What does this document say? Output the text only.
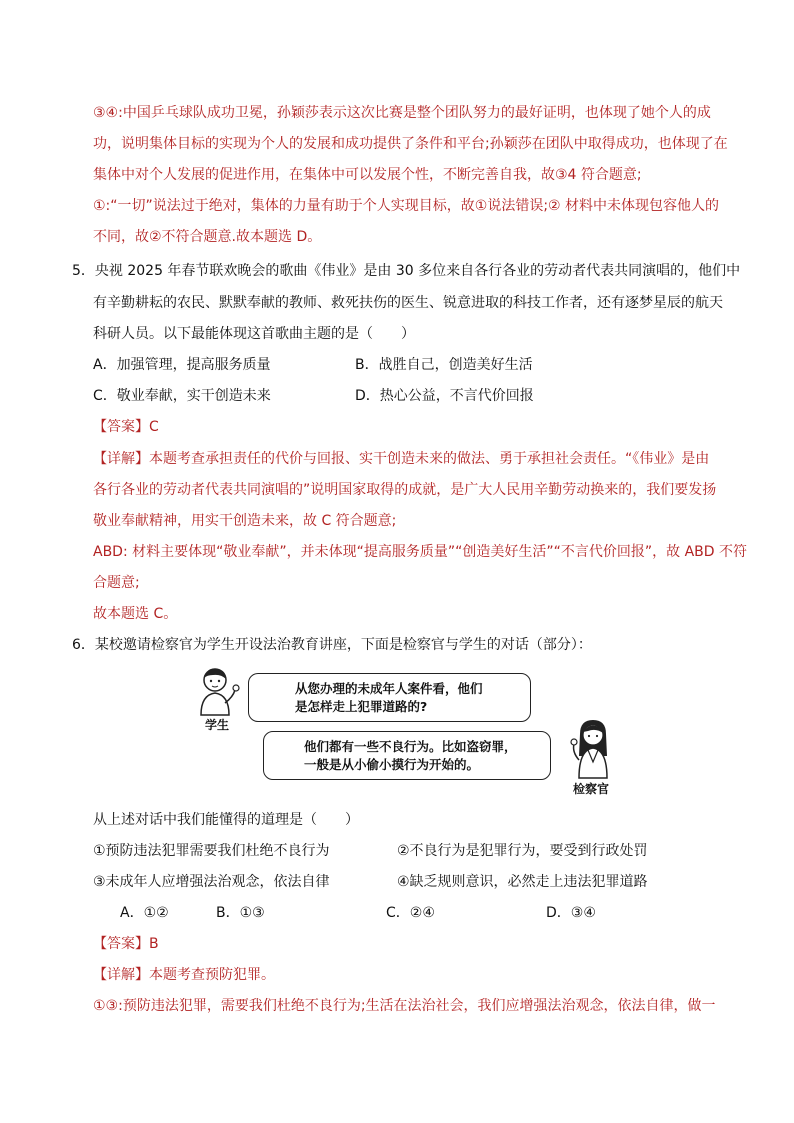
③④:中国乒乓球队成功卫冕，孙颖莎表示这次比赛是整个团队努力的最好证明，也体现了她个人的成
功，说明集体目标的实现为个人的发展和成功提供了条件和平台;孙颖莎在团队中取得成功，也体现了在
集体中对个人发展的促进作用，在集体中可以发展个性，不断完善自我，故③4 符合题意;
①:“一切”说法过于绝对，集体的力量有助于个人实现目标，故①说法错误;② 材料中未体现包容他人的
不同，故②不符合题意.故本题选 D。
5．央视 2025 年春节联欢晚会的歌曲《伟业》是由 30 多位来自各行各业的劳动者代表共同演唱的，他们中
有辛勤耕耘的农民、默默奉献的教师、救死扶伤的医生、锐意进取的科技工作者，还有逐梦星辰的航天
科研人员。以下最能体现这首歌曲主题的是（　　）
A．加强管理，提高服务质量	B．战胜自己，创造美好生活
C．敬业奉献，实干创造未来	D．热心公益，不言代价回报
【答案】C
【详解】本题考查承担责任的代价与回报、实干创造未来的做法、勇于承担社会责任。“《伟业》是由
各行各业的劳动者代表共同演唱的”说明国家取得的成就，是广大人民用辛勤劳动换来的，我们要发扬
敬业奉献精神，用实干创造未来，故 C 符合题意;
ABD: 材料主要体现“敬业奉献”，并未体现“提高服务质量”“创造美好生活”“不言代价回报”，故 ABD 不符
合题意;
故本题选 C。
6．某校邀请检察官为学生开设法治教育讲座，下面是检察官与学生的对话（部分）：
学生
从您办理的未成年人案件看，他们
是怎样走上犯罪道路的?
他们都有一些不良行为。比如盗窃罪，
一般是从小偷小摸行为开始的。
检察官
从上述对话中我们能懂得的道理是（　　）
①预防违法犯罪需要我们杜绝不良行为	②不良行为是犯罪行为，要受到行政处罚
③未成年人应增强法治观念，依法自律	④缺乏规则意识，必然走上违法犯罪道路
A．①②	B．①③	C．②④	D．③④
【答案】B
【详解】本题考查预防犯罪。
①③:预防违法犯罪，需要我们杜绝不良行为;生活在法治社会，我们应增强法治观念，依法自律，做一
